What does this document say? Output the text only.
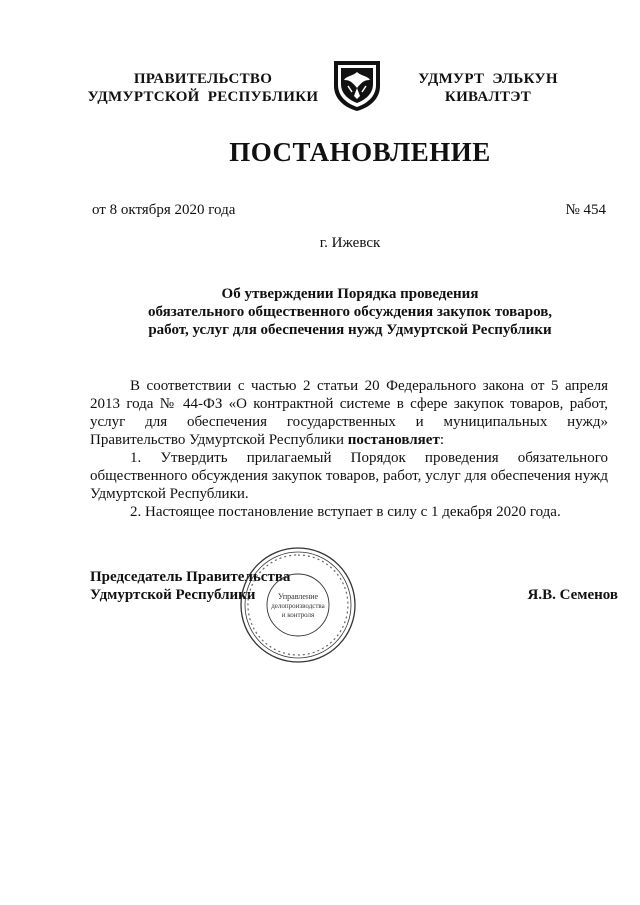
ПРАВИТЕЛЬСТВО
УДМУРТСКОЙ  РЕСПУБЛИКИ
УДМУРТ  ЭЛЬКУН
КИВАЛТЭТ
ПОСТАНОВЛЕНИЕ
от 8 октября 2020 года	№ 454
г. Ижевск
Об утверждении Порядка проведения
обязательного общественного обсуждения закупок товаров,
работ, услуг для обеспечения нужд Удмуртской Республики

В соответствии с частью 2 статьи 20 Федерального закона от 5 апреля 2013 года № 44-ФЗ «О контрактной системе в сфере закупок товаров, работ, услуг для обеспечения государственных и муниципальных нужд» Правительство Удмуртской Республики постановляет:

1. Утвердить прилагаемый Порядок проведения обязательного общественного обсуждения закупок товаров, работ, услуг для обеспечения нужд Удмуртской Республики.

2. Настоящее постановление вступает в силу с 1 декабря 2020 года.

Председатель Правительства
Удмуртской Республики	Я.В. Семенов
Управление
делопроизводства
и контроля
